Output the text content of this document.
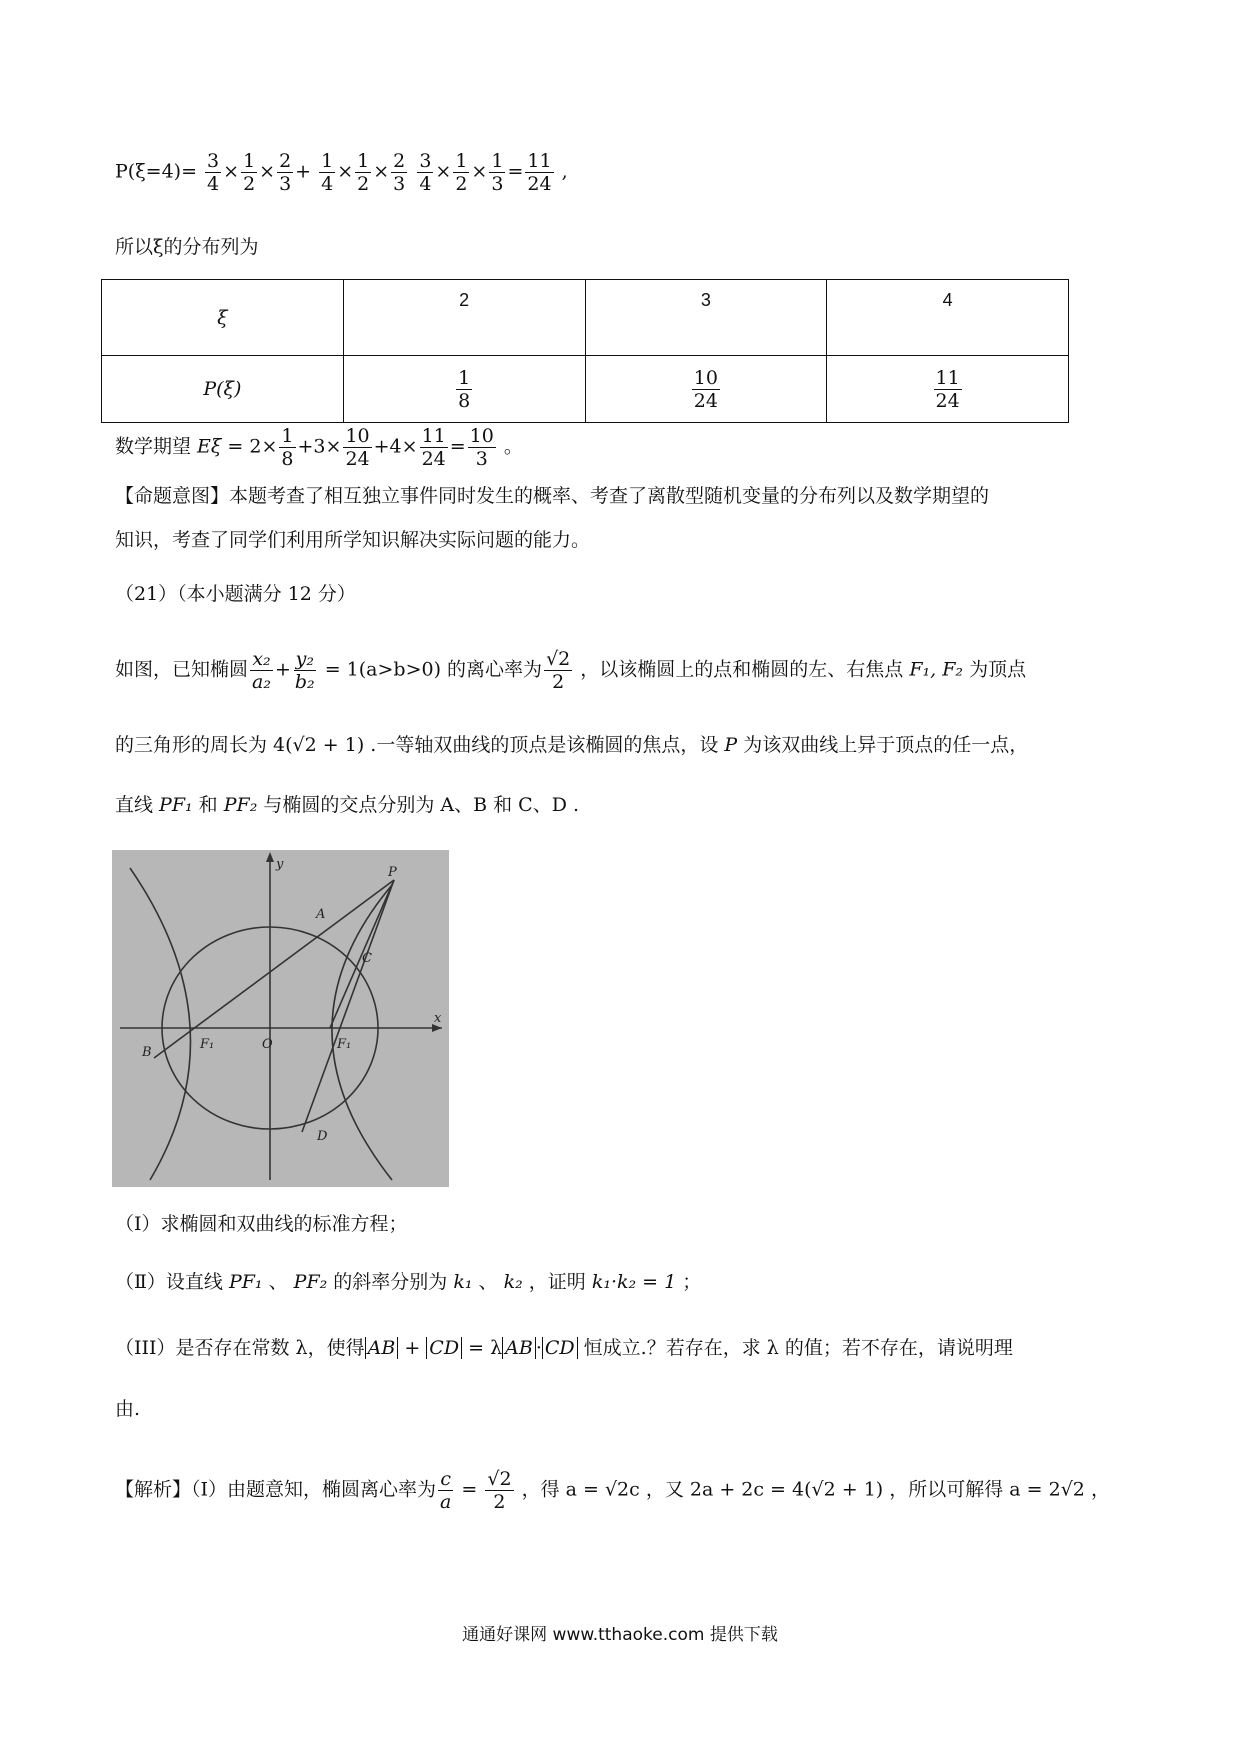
$P(\xi=4)= \frac{3}{4} \times \frac{1}{2} \times \frac{2}{3} + \frac{1}{4} \times \frac{1}{2} \times \frac{2}{3}$
$\frac{3}{4} \times \frac{1}{2} \times \frac{1}{3} = \frac{11}{24}$ ,
所以ξ的分布列为
ξ	2	3	4
P(ξ)	$\frac{1}{8}$	$\frac{10}{24}$	$\frac{11}{24}$
数学期望 $E\xi = 2\times \frac{1}{8} +3\times \frac{10}{24} +4\times \frac{11}{24} = \frac{10}{3}$ 。
【命题意图】本题考查了相互独立事件同时发生的概率、考查了离散型随机变量的分布列以及数学期望的
知识，考查了同学们利用所学知识解决实际问题的能力。
（21）（本小题满分 12 分）
如图，已知椭圆 $\frac{\text{x₂}}{\text{a₂}} + \frac{\text{y₂}}{\text{b₂}} = 1(a>b>0)$ 的离心率为 $\frac{√2}{2}$ ，以该椭圆上的点和椭圆的左、右焦点 F₁, F₂ 为顶点
的三角形的周长为 4(√2 + 1) .一等轴双曲线的顶点是该椭圆的焦点，设 P 为该双曲线上异于顶点的任一点，
直线 PF₁ 和 PF₂ 与椭圆的交点分别为 A、B 和 C、D .
y
x
O
P
A
C
B
D
F₁	F₁
（Ⅰ）求椭圆和双曲线的标准方程；
（Ⅱ）设直线 PF₁ 、 PF₂ 的斜率分别为 k₁ 、 k₂ ，证明 k₁·k₂ = 1 ；
（III）是否存在常数 λ，使得 AB + CD = λ AB · CD 恒成立.？若存在，求 λ 的值；若不存在，请说明理
由.
【解析】（Ⅰ）由题意知，椭圆离心率为 $\frac{c}{a} = \frac{√2}{2}$ ，得 a = √2c ，又 2a + 2c = 4(√2 + 1) ，所以可解得 a = 2√2 ，
通通好课网 www.tthaoke.com 提供下载
